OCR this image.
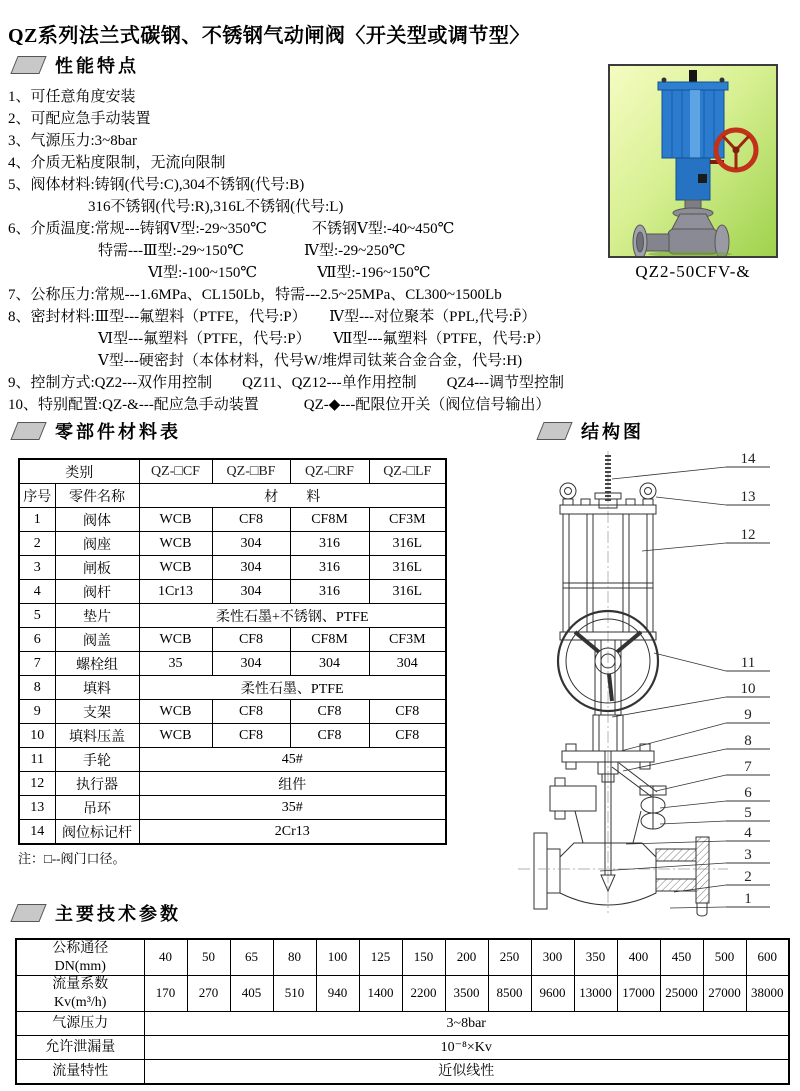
QZ系列法兰式碳钢、不锈钢气动闸阀〈开关型或调节型〉
性能特点
1、可任意角度安装
2、可配应急手动装置
3、气源压力:3~8bar
4、介质无粘度限制，无流向限制
5、阀体材料:铸钢(代号:C),304不锈钢(代号:B)
316不锈钢(代号:R),316L不锈钢(代号:L)
6、介质温度:常规---铸钢Ⅴ型:-29~350℃　　　不锈钢Ⅴ型:-40~450℃
特需---Ⅲ型:-29~150℃　　　　Ⅳ型:-29~250℃
Ⅵ型:-100~150℃　　　　Ⅶ型:-196~150℃
7、公称压力:常规---1.6MPa、CL150Lb，特需---2.5~25MPa、CL300~1500Lb
8、密封材料:Ⅲ型---氟塑料（PTFE，代号:P）　　Ⅳ型---对位聚苯（PPL,代号:P̄）
Ⅵ型---氟塑料（PTFE，代号:P）　　Ⅶ型---氟塑料（PTFE，代号:P）
Ⅴ型---硬密封（本体材料，代号W/堆焊司钛莱合金合金，代号:H)
9、控制方式:QZ2---双作用控制　　QZ11、QZ12---单作用控制　　QZ4---调节型控制
10、特别配置:QZ-&---配应急手动装置　　　QZ-◆---配限位开关（阀位信号输出）
QZ2-50CFV-&
零部件材料表
类别		QZ-□CF	QZ-□BF	QZ-□RF	QZ-□LF
序号	零件名称	材　　料			
1	阀体	WCB	CF8	CF8M	CF3M
2	阀座	WCB	304	316	316L
3	闸板	WCB	304	316	316L
4	阀杆	1Cr13	304	316	316L
5	垫片	柔性石墨+不锈钢、PTFE			
6	阀盖	WCB	CF8	CF8M	CF3M
7	螺栓组	35	304	304	304
8	填料	柔性石墨、PTFE			
9	支架	WCB	CF8	CF8	CF8
10	填料压盖	WCB	CF8	CF8	CF8
11	手轮	45#			
12	执行器	组件			
13	吊环	35#			
14	阀位标记杆	2Cr13			
注：□--阀门口径。
结构图
14
13
12
11
10
9
8
7
6
5
4
3
2
1
主要技术参数
公称通径
DN(mm)	40	50	65	80	100	125	150	200	250	300	350	400	450	500	600
流量系数
Kv(m³/h)	170	270	405	510	940	1400	2200	3500	8500	9600	13000	17000	25000	27000	38000
气源压力	3~8bar														
允许泄漏量	10⁻⁸×Kv														
流量特性	近似线性														
